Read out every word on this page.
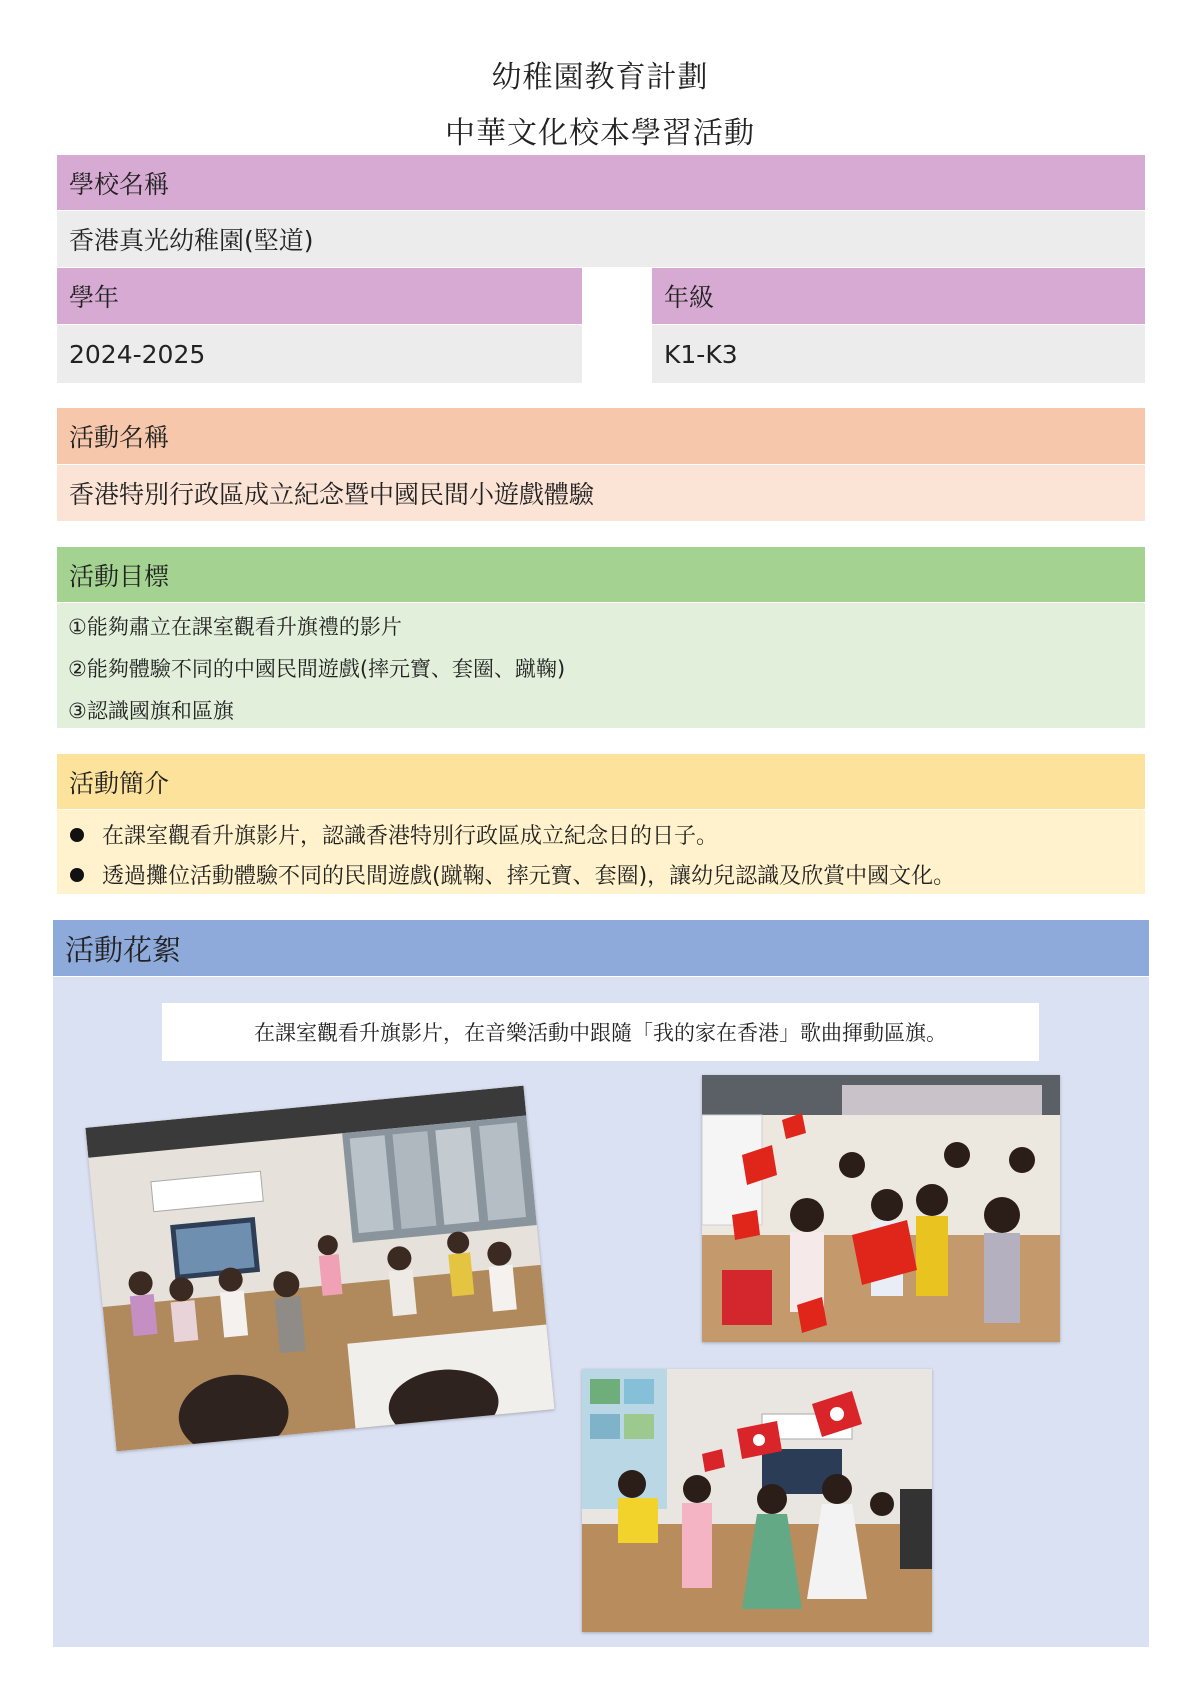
幼稚園教育計劃
中華文化校本學習活動
學校名稱
香港真光幼稚園(堅道)
學年
2024-2025
年級
K1-K3
活動名稱
香港特別行政區成立紀念暨中國民間小遊戲體驗
活動目標
①能夠肅立在課室觀看升旗禮的影片
②能夠體驗不同的中國民間遊戲(摔元寶、套圈、蹴鞠)
③認識國旗和區旗
活動簡介
在課室觀看升旗影片，認識香港特別行政區成立紀念日的日子。
透過攤位活動體驗不同的民間遊戲(蹴鞠、摔元寶、套圈)，讓幼兒認識及欣賞中國文化。
活動花絮
在課室觀看升旗影片，在音樂活動中跟隨「我的家在香港」歌曲揮動區旗。
